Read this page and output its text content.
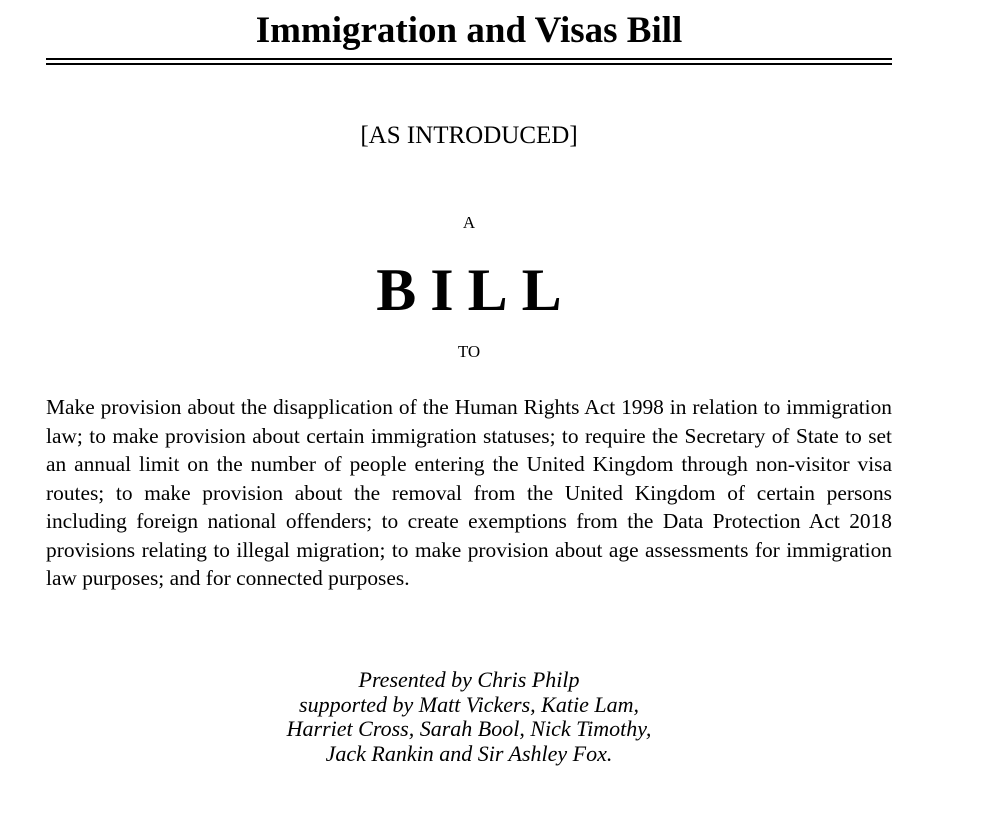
Immigration and Visas Bill
[AS INTRODUCED]
A
BILL
TO

Make provision about the disapplication of the Human Rights Act 1998 in relation to immigration law; to make provision about certain immigration statuses; to require the Secretary of State to set an annual limit on the number of people entering the United Kingdom through non-visitor visa routes; to make provision about the removal from the United Kingdom of certain persons including foreign national offenders; to create exemptions from the Data Protection Act 2018 provisions relating to illegal migration; to make provision about age assessments for immigration law purposes; and for connected purposes.

Presented by Chris Philp
supported by Matt Vickers, Katie Lam,
Harriet Cross, Sarah Bool, Nick Timothy,
Jack Rankin and Sir Ashley Fox.
